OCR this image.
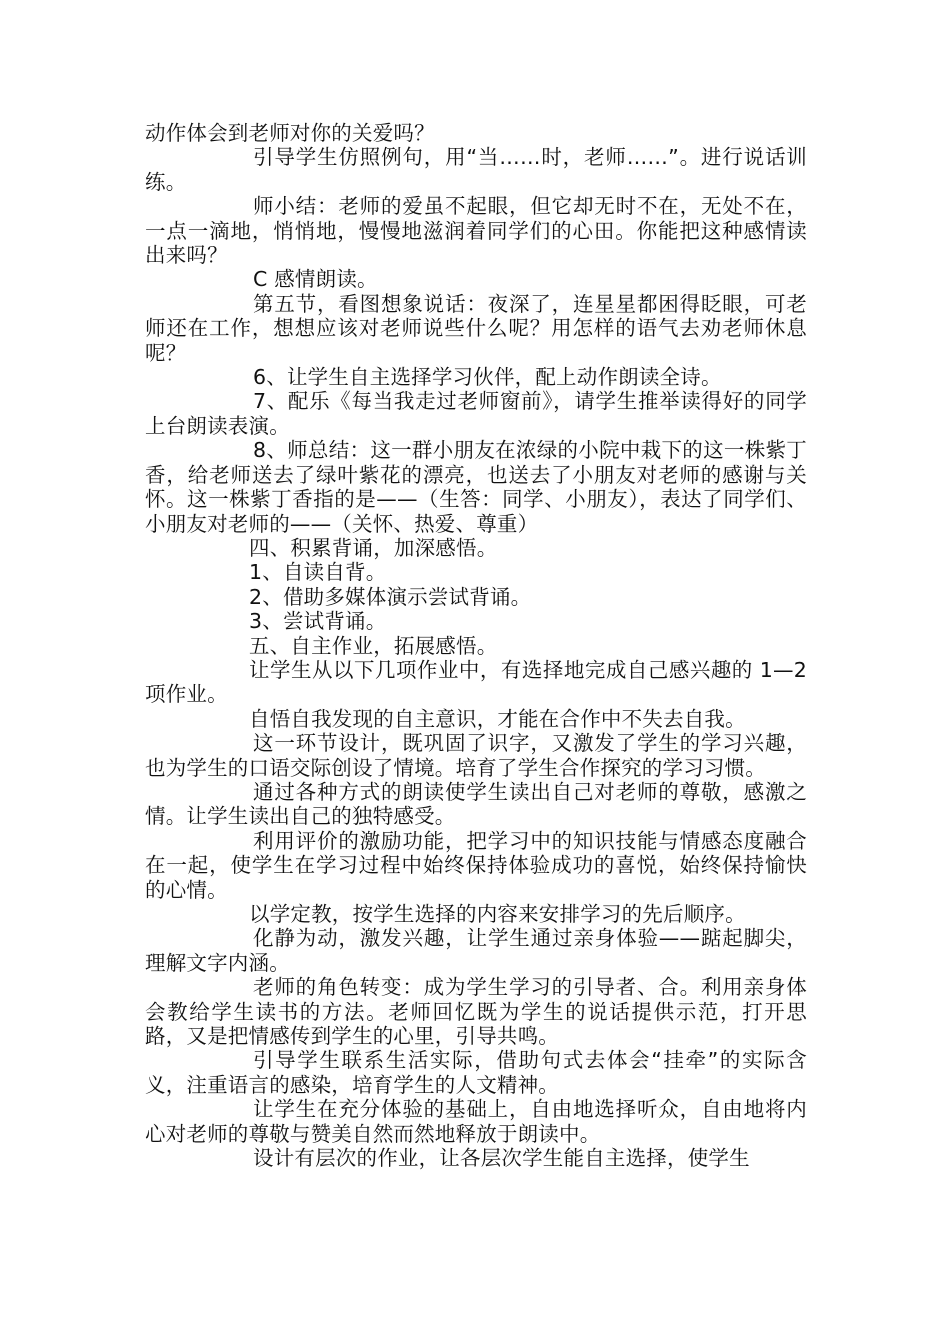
动作体会到老师对你的关爱吗？

引导学生仿照例句，用“当……时，老师……”。进行说话训练。

师小结：老师的爱虽不起眼，但它却无时不在，无处不在，一点一滴地，悄悄地，慢慢地滋润着同学们的心田。你能把这种感情读出来吗？

C 感情朗读。

第五节，看图想象说话：夜深了，连星星都困得眨眼，可老师还在工作，想想应该对老师说些什么呢？用怎样的语气去劝老师休息呢？

6、让学生自主选择学习伙伴，配上动作朗读全诗。

7、配乐《每当我走过老师窗前》，请学生推举读得好的同学上台朗读表演。

8、师总结：这一群小朋友在浓绿的小院中栽下的这一株紫丁香，给老师送去了绿叶紫花的漂亮，也送去了小朋友对老师的感谢与关怀。这一株紫丁香指的是——（生答：同学、小朋友），表达了同学们、小朋友对老师的——（关怀、热爱、尊重）

四、积累背诵，加深感悟。

1、自读自背。

2、借助多媒体演示尝试背诵。

3、尝试背诵。

五、自主作业，拓展感悟。

让学生从以下几项作业中，有选择地完成自己感兴趣的 1—2 项作业。

自悟自我发现的自主意识，才能在合作中不失去自我。

这一环节设计，既巩固了识字，又激发了学生的学习兴趣，也为学生的口语交际创设了情境。培育了学生合作探究的学习习惯。

通过各种方式的朗读使学生读出自己对老师的尊敬，感激之情。让学生读出自己的独特感受。

利用评价的激励功能，把学习中的知识技能与情感态度融合在一起，使学生在学习过程中始终保持体验成功的喜悦，始终保持愉快的心情。

以学定教，按学生选择的内容来安排学习的先后顺序。

化静为动，激发兴趣，让学生通过亲身体验——踮起脚尖，理解文字内涵。

老师的角色转变：成为学生学习的引导者、合。利用亲身体会教给学生读书的方法。老师回忆既为学生的说话提供示范，打开思路，又是把情感传到学生的心里，引导共鸣。

引导学生联系生活实际，借助句式去体会“挂牵”的实际含义，注重语言的感染，培育学生的人文精神。

让学生在充分体验的基础上，自由地选择听众，自由地将内心对老师的尊敬与赞美自然而然地释放于朗读中。

设计有层次的作业，让各层次学生能自主选择，使学生
